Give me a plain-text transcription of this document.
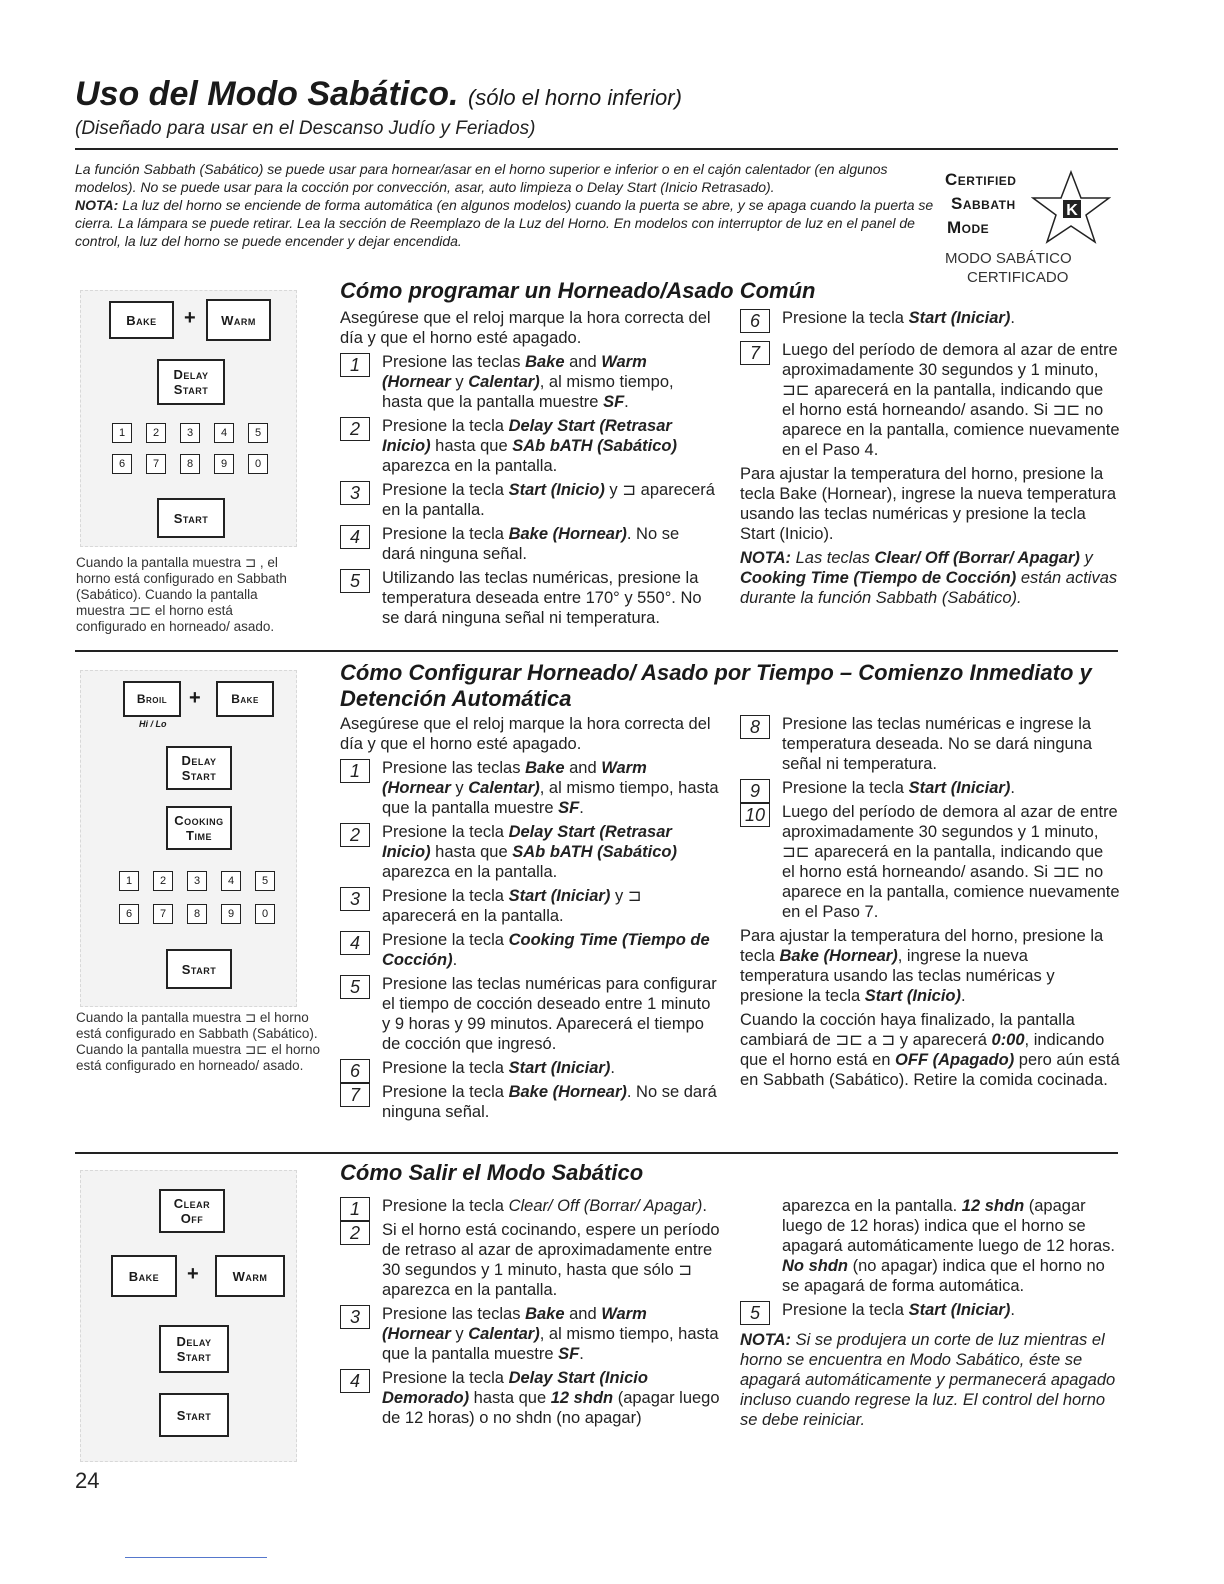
Uso del Modo Sabático. (sólo el horno inferior)
(Diseñado para usar en el Descanso Judío y Feriados)

La función Sabbath (Sabático) se puede usar para hornear/asar en el horno superior e inferior o en el cajón calentador (en algunos modelos). No se puede usar para la cocción por convección, asar, auto limpieza o Delay Start (Inicio Retrasado).

NOTA: La luz del horno se enciende de forma automática (en algunos modelos) cuando la puerta se abre, y se apaga cuando la puerta se cierra. La lámpara se puede retirar. Lea la sección de Reemplazo de la Luz del Horno. En modelos con interruptor de luz en el panel de control, la luz del horno se puede encender y dejar encendida.

Certified
Sabbath
Mode
K
MODO SABÁTICO
CERTIFICADO
Bake	+	Warm
Delay
Start
1	2	3	4	5
6	7	8	9	0
Start
Cuando la pantalla muestra ⊐ , el horno está configurado en Sabbath (Sabático). Cuando la pantalla muestra ⊐⊏ el horno está configurado en horneado/ asado.
Cómo programar un Horneado/Asado Común

Asegúrese que el reloj marque la hora correcta del día y que el horno esté apagado.

1	Presione las teclas Bake and Warm
(Hornear y Calentar), al mismo tiempo, hasta que la pantalla muestre SF.
2	Presione la tecla Delay Start (Retrasar Inicio) hasta que SAb bATH (Sabático) aparezca en la pantalla.
3	Presione la tecla Start (Inicio) y ⊐ aparecerá en la pantalla.
4	Presione la tecla Bake (Hornear). No se dará ninguna señal.
5	Utilizando las teclas numéricas, presione la temperatura deseada entre 170° y 550°. No se dará ninguna señal ni temperatura.
6	Presione la tecla Start (Iniciar).
7	Luego del período de demora al azar de entre aproximadamente 30 segundos y 1 minuto, ⊐⊏ aparecerá en la pantalla, indicando que el horno está horneando/ asando. Si ⊐⊏ no aparece en la pantalla, comience nuevamente en el Paso 4.

Para ajustar la temperatura del horno, presione la tecla Bake (Hornear), ingrese la nueva temperatura usando las teclas numéricas y presione la tecla Start (Inicio).

NOTA: Las teclas Clear/ Off (Borrar/ Apagar) y Cooking Time (Tiempo de Cocción) están activas durante la función Sabbath (Sabático).

Broil
Hi / Lo
+	Bake
Delay
Start
Cooking
Time
1	2	3	4	5
6	7	8	9	0
Start
Cuando la pantalla muestra ⊐ el horno está configurado en Sabbath (Sabático). Cuando la pantalla muestra ⊐⊏ el horno está configurado en horneado/ asado.
Cómo Configurar Horneado/ Asado por Tiempo – Comienzo Inmediato y Detención Automática

Asegúrese que el reloj marque la hora correcta del día y que el horno esté apagado.

1	Presione las teclas Bake and Warm
(Hornear y Calentar), al mismo tiempo, hasta que la pantalla muestre SF.
2	Presione la tecla Delay Start (Retrasar Inicio) hasta que SAb bATH (Sabático) aparezca en la pantalla.
3	Presione la tecla Start (Iniciar) y ⊐ aparecerá en la pantalla.
4	Presione la tecla Cooking Time (Tiempo de Cocción).
5	Presione las teclas numéricas para configurar el tiempo de cocción deseado entre 1 minuto y 9 horas y 99 minutos. Aparecerá el tiempo de cocción que ingresó.
6	Presione la tecla Start (Iniciar).
7	Presione la tecla Bake (Hornear). No se dará ninguna señal.
8	Presione las teclas numéricas e ingrese la temperatura deseada. No se dará ninguna señal ni temperatura.
9	Presione la tecla Start (Iniciar).
10	Luego del período de demora al azar de entre aproximadamente 30 segundos y 1 minuto, ⊐⊏ aparecerá en la pantalla, indicando que el horno está horneando/ asando. Si ⊐⊏ no aparece en la pantalla, comience nuevamente en el Paso 7.

Para ajustar la temperatura del horno, presione la tecla Bake (Hornear), ingrese la nueva temperatura usando las teclas numéricas y presione la tecla Start (Inicio).

Cuando la cocción haya finalizado, la pantalla cambiará de ⊐⊏ a ⊐ y aparecerá 0:00, indicando que el horno está en OFF (Apagado) pero aún está en Sabbath (Sabático). Retire la comida cocinada.

Clear
Off
Bake	+	Warm
Delay
Start
Start
Cómo Salir el Modo Sabático
1	Presione la tecla Clear/ Off (Borrar/ Apagar).
2	Si el horno está cocinando, espere un período de retraso al azar de aproximadamente entre 30 segundos y 1 minuto, hasta que sólo ⊐ aparezca en la pantalla.
3	Presione las teclas Bake and Warm
(Hornear y Calentar), al mismo tiempo, hasta que la pantalla muestre SF.
4	Presione la tecla Delay Start (Inicio Demorado) hasta que 12 shdn (apagar luego de 12 horas) o no shdn (no apagar)

aparezca en la pantalla. 12 shdn (apagar luego de 12 horas) indica que el horno se apagará automáticamente luego de 12 horas. No shdn (no apagar) indica que el horno no se apagará de forma automática.

5	Presione la tecla Start (Iniciar).

NOTA: Si se produjera un corte de luz mientras el horno se encuentra en Modo Sabático, éste se apagará automáticamente y permanecerá apagado incluso cuando regrese la luz. El control del horno se debe reiniciar.

24
